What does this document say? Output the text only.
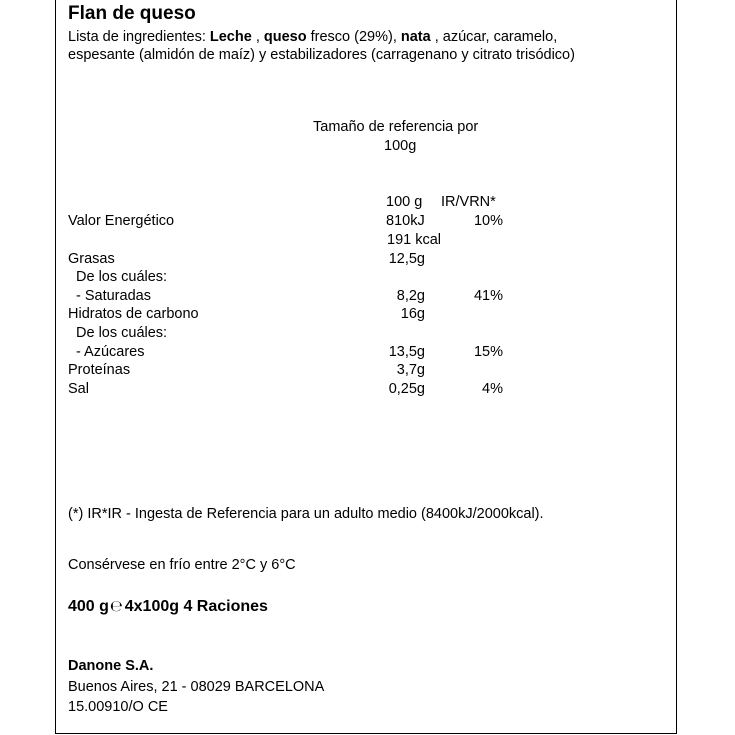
Flan de queso
Lista de ingredientes: Leche , queso fresco (29%), nata , azúcar, caramelo,
espesante (almidón de maíz) y estabilizadores (carragenano y citrato trisódico)
Tamaño de referencia por
100g
100 g IR/VRN*
Valor Energético	810kJ	10%
191 kcal
Grasas	12,5g
De los cuáles:
- Saturadas	8,2g	41%
Hidratos de carbono	16g
De los cuáles:
- Azúcares	13,5g	15%
Proteínas	3,7g
Sal	0,25g	4%
(*) IR*IR - Ingesta de Referencia para un adulto medio (8400kJ/2000kcal).
Consérvese en frío entre 2°C y 6°C
400 g℮ 4x100g 4 Raciones
Danone S.A.
Buenos Aires, 21 - 08029 BARCELONA
15.00910/O CE
